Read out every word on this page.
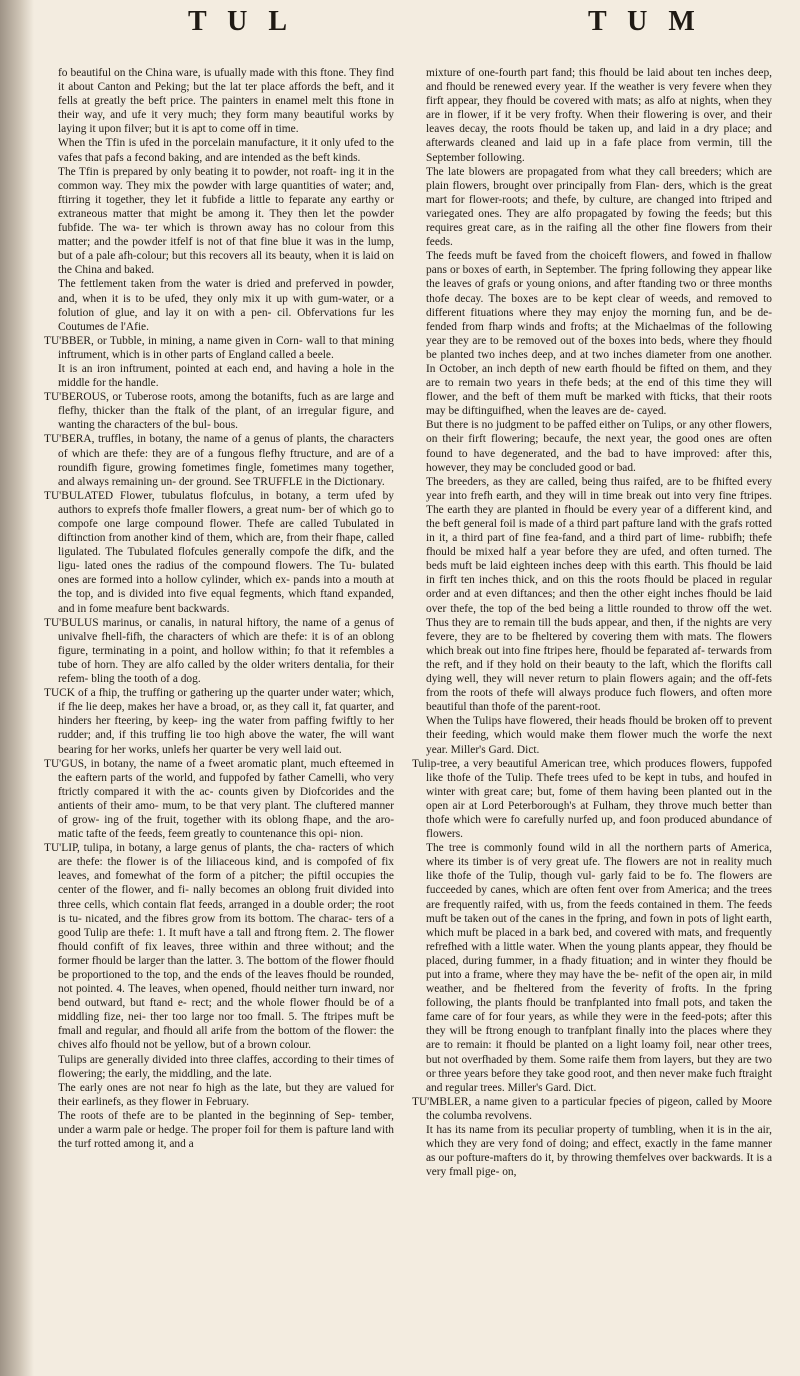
T U L	T U M

fo beautiful on the China ware, is ufually made with this ftone. They find it about Canton and Peking; but the lat ter place affords the beft, and it fells at greatly the beft price. The painters in enamel melt this ftone in their way, and ufe it very much; they form many beautiful works by laying it upon filver; but it is apt to come off in time.

When the Tfin is ufed in the porcelain manufacture, it it only ufed to the vafes that pafs a fecond baking, and are intended as the beft kinds.

The Tfin is prepared by only beating it to powder, not roaft- ing it in the common way. They mix the powder with large quantities of water; and, ftirring it together, they let it fubfide a little to feparate any earthy or extraneous matter that might be among it. They then let the powder fubfide. The wa- ter which is thrown away has no colour from this matter; and the powder itfelf is not of that fine blue it was in the lump, but of a pale afh-colour; but this recovers all its beauty, when it is laid on the China and baked.

The fettlement taken from the water is dried and preferved in powder, and, when it is to be ufed, they only mix it up with gum-water, or a folution of glue, and lay it on with a pen- cil. Obfervations fur les Coutumes de l'Afie.

TU'BBER, or Tubble, in mining, a name given in Corn- wall to that mining inftrument, which is in other parts of England called a beele.

It is an iron inftrument, pointed at each end, and having a hole in the middle for the handle.

TU'BEROUS, or Tuberose roots, among the botanifts, fuch as are large and flefhy, thicker than the ftalk of the plant, of an irregular figure, and wanting the characters of the bul- bous.

TU'BERA, truffles, in botany, the name of a genus of plants, the characters of which are thefe: they are of a fungous flefhy ftructure, and are of a roundifh figure, growing fometimes fingle, fometimes many together, and always remaining un- der ground. See TRUFFLE in the Dictionary.

TU'BULATED Flower, tubulatus flofculus, in botany, a term ufed by authors to exprefs thofe fmaller flowers, a great num- ber of which go to compofe one large compound flower. Thefe are called Tubulated in diftinction from another kind of them, which are, from their fhape, called ligulated. The Tubulated flofcules generally compofe the difk, and the ligu- lated ones the radius of the compound flowers. The Tu- bulated ones are formed into a hollow cylinder, which ex- pands into a mouth at the top, and is divided into five equal fegments, which ftand expanded, and in fome meafure bent backwards.

TU'BULUS marinus, or canalis, in natural hiftory, the name of a genus of univalve fhell-fifh, the characters of which are thefe: it is of an oblong figure, terminating in a point, and hollow within; fo that it refembles a tube of horn. They are alfo called by the older writers dentalia, for their refem- bling the tooth of a dog.

TUCK of a fhip, the truffing or gathering up the quarter under water; which, if fhe lie deep, makes her have a broad, or, as they call it, fat quarter, and hinders her fteering, by keep- ing the water from paffing fwiftly to her rudder; and, if this truffing lie too high above the water, fhe will want bearing for her works, unlefs her quarter be very well laid out.

TU'GUS, in botany, the name of a fweet aromatic plant, much efteemed in the eaftern parts of the world, and fuppofed by father Camelli, who very ftrictly compared it with the ac- counts given by Diofcorides and the antients of their amo- mum, to be that very plant. The cluftered manner of grow- ing of the fruit, together with its oblong fhape, and the aro- matic tafte of the feeds, feem greatly to countenance this opi- nion.

TU'LIP, tulipa, in botany, a large genus of plants, the cha- racters of which are thefe: the flower is of the liliaceous kind, and is compofed of fix leaves, and fomewhat of the form of a pitcher; the piftil occupies the center of the flower, and fi- nally becomes an oblong fruit divided into three cells, which contain flat feeds, arranged in a double order; the root is tu- nicated, and the fibres grow from its bottom. The charac- ters of a good Tulip are thefe: 1. It muft have a tall and ftrong ftem. 2. The flower fhould confift of fix leaves, three within and three without; and the former fhould be larger than the latter. 3. The bottom of the flower fhould be proportioned to the top, and the ends of the leaves fhould be rounded, not pointed. 4. The leaves, when opened, fhould neither turn inward, nor bend outward, but ftand e- rect; and the whole flower fhould be of a middling fize, nei- ther too large nor too fmall. 5. The ftripes muft be fmall and regular, and fhould all arife from the bottom of the flower: the chives alfo fhould not be yellow, but of a brown colour.

Tulips are generally divided into three claffes, according to their times of flowering; the early, the middling, and the late.

The early ones are not near fo high as the late, but they are valued for their earlinefs, as they flower in February.

The roots of thefe are to be planted in the beginning of Sep- tember, under a warm pale or hedge. The proper foil for them is pafture land with the turf rotted among it, and a

mixture of one-fourth part fand; this fhould be laid about ten inches deep, and fhould be renewed every year. If the weather is very fevere when they firft appear, they fhould be covered with mats; as alfo at nights, when they are in flower, if it be very frofty. When their flowering is over, and their leaves decay, the roots fhould be taken up, and laid in a dry place; and afterwards cleaned and laid up in a fafe place from vermin, till the September following.

The late blowers are propagated from what they call breeders; which are plain flowers, brought over principally from Flan- ders, which is the great mart for flower-roots; and thefe, by culture, are changed into ftriped and variegated ones. They are alfo propagated by fowing the feeds; but this requires great care, as in the raifing all the other fine flowers from their feeds.

The feeds muft be faved from the choiceft flowers, and fowed in fhallow pans or boxes of earth, in September. The fpring following they appear like the leaves of grafs or young onions, and after ftanding two or three months thofe decay. The boxes are to be kept clear of weeds, and removed to different fituations where they may enjoy the morning fun, and be de- fended from fharp winds and frofts; at the Michaelmas of the following year they are to be removed out of the boxes into beds, where they fhould be planted two inches deep, and at two inches diameter from one another. In October, an inch depth of new earth fhould be fifted on them, and they are to remain two years in thefe beds; at the end of this time they will flower, and the beft of them muft be marked with fticks, that their roots may be diftinguifhed, when the leaves are de- cayed.

But there is no judgment to be paffed either on Tulips, or any other flowers, on their firft flowering; becaufe, the next year, the good ones are often found to have degenerated, and the bad to have improved: after this, however, they may be concluded good or bad.

The breeders, as they are called, being thus raifed, are to be fhifted every year into frefh earth, and they will in time break out into very fine ftripes. The earth they are planted in fhould be every year of a different kind, and the beft general foil is made of a third part pafture land with the grafs rotted in it, a third part of fine fea-fand, and a third part of lime- rubbifh; thefe fhould be mixed half a year before they are ufed, and often turned. The beds muft be laid eighteen inches deep with this earth. This fhould be laid in firft ten inches thick, and on this the roots fhould be placed in regular order and at even diftances; and then the other eight inches fhould be laid over thefe, the top of the bed being a little rounded to throw off the wet. Thus they are to remain till the buds appear, and then, if the nights are very fevere, they are to be fheltered by covering them with mats. The flowers which break out into fine ftripes here, fhould be feparated af- terwards from the reft, and if they hold on their beauty to the laft, which the florifts call dying well, they will never return to plain flowers again; and the off-fets from the roots of thefe will always produce fuch flowers, and often more beautiful than thofe of the parent-root.

When the Tulips have flowered, their heads fhould be broken off to prevent their feeding, which would make them flower much the worfe the next year. Miller's Gard. Dict.

Tulip-tree, a very beautiful American tree, which produces flowers, fuppofed like thofe of the Tulip. Thefe trees ufed to be kept in tubs, and houfed in winter with great care; but, fome of them having been planted out in the open air at Lord Peterborough's at Fulham, they throve much better than thofe which were fo carefully nurfed up, and foon produced abundance of flowers.

The tree is commonly found wild in all the northern parts of America, where its timber is of very great ufe. The flowers are not in reality much like thofe of the Tulip, though vul- garly faid to be fo. The flowers are fucceeded by canes, which are often fent over from America; and the trees are frequently raifed, with us, from the feeds contained in them. The feeds muft be taken out of the canes in the fpring, and fown in pots of light earth, which muft be placed in a bark bed, and covered with mats, and frequently refrefhed with a little water. When the young plants appear, they fhould be placed, during fummer, in a fhady fituation; and in winter they fhould be put into a frame, where they may have the be- nefit of the open air, in mild weather, and be fheltered from the feverity of frofts. In the fpring following, the plants fhould be tranfplanted into fmall pots, and taken the fame care of for four years, as while they were in the feed-pots; after this they will be ftrong enough to tranfplant finally into the places where they are to remain: it fhould be planted on a light loamy foil, near other trees, but not overfhaded by them. Some raife them from layers, but they are two or three years before they take good root, and then never make fuch ftraight and regular trees. Miller's Gard. Dict.

TU'MBLER, a name given to a particular fpecies of pigeon, called by Moore the columba revolvens.

It has its name from its peculiar property of tumbling, when it is in the air, which they are very fond of doing; and effect, exactly in the fame manner as our pofture-mafters do it, by throwing themfelves over backwards. It is a very fmall pige- on,
